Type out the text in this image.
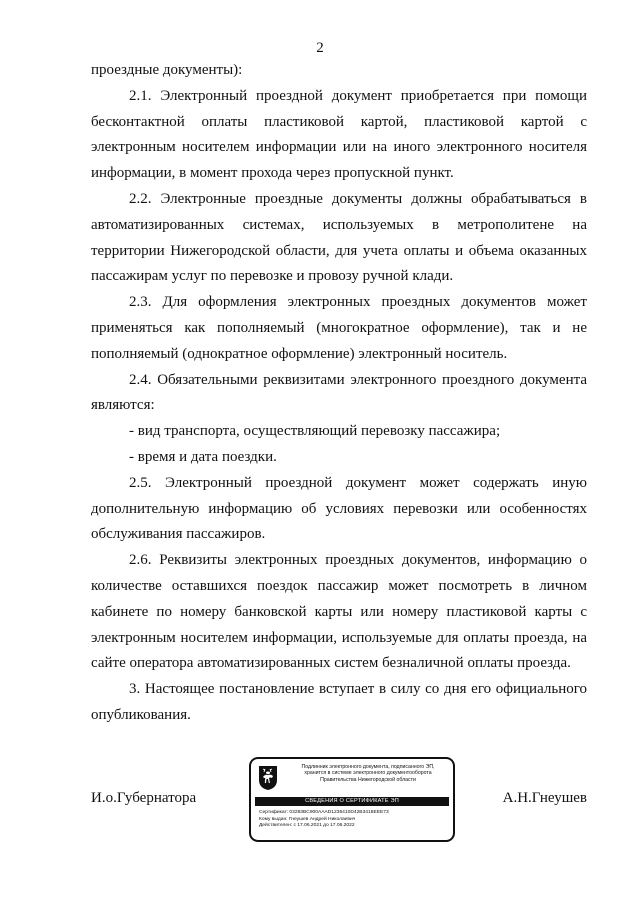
2

проездные документы):

2.1. Электронный проездной документ приобретается при помощи бесконтактной оплаты пластиковой картой, пластиковой картой с электронным носителем информации или на иного электронного носителя информации, в момент прохода через пропускной пункт.

2.2. Электронные проездные документы должны обрабатываться в автоматизированных системах, используемых в метрополитене на территории Нижегородской области, для учета оплаты и объема оказанных пассажирам услуг по перевозке и провозу ручной клади.

2.3. Для оформления электронных проездных документов может применяться как пополняемый (многократное оформление), так и не пополняемый (однократное оформление) электронный носитель.

2.4. Обязательными реквизитами электронного проездного документа являются:

- вид транспорта, осуществляющий перевозку пассажира;

- время и дата поездки.

2.5. Электронный проездной документ может содержать иную дополнительную информацию об условиях перевозки или особенностях обслуживания пассажиров.

2.6. Реквизиты электронных проездных документов, информацию о количестве оставшихся поездок пассажир может посмотреть в личном кабинете по номеру банковской карты или номеру пластиковой карты с электронным носителем информации, используемые для оплаты проезда, на сайте оператора автоматизированных систем безналичной оплаты проезда.

3. Настоящее постановление вступает в силу со дня его официального опубликования.

И.о.Губернатора	А.Н.Гнеушев
Подлинник электронного документа, подписанного ЭП,
хранится в системе электронного документооборота
Правительства Нижегородской области
СВЕДЕНИЯ О СЕРТИФИКАТЕ ЭП
Сертификат: 03283BC900AAAD1236410D42B3418EEE73
Кому выдан: Гнеушев Андрей Николаевич
Действителен: с 17.06.2021 до 17.06.2022
